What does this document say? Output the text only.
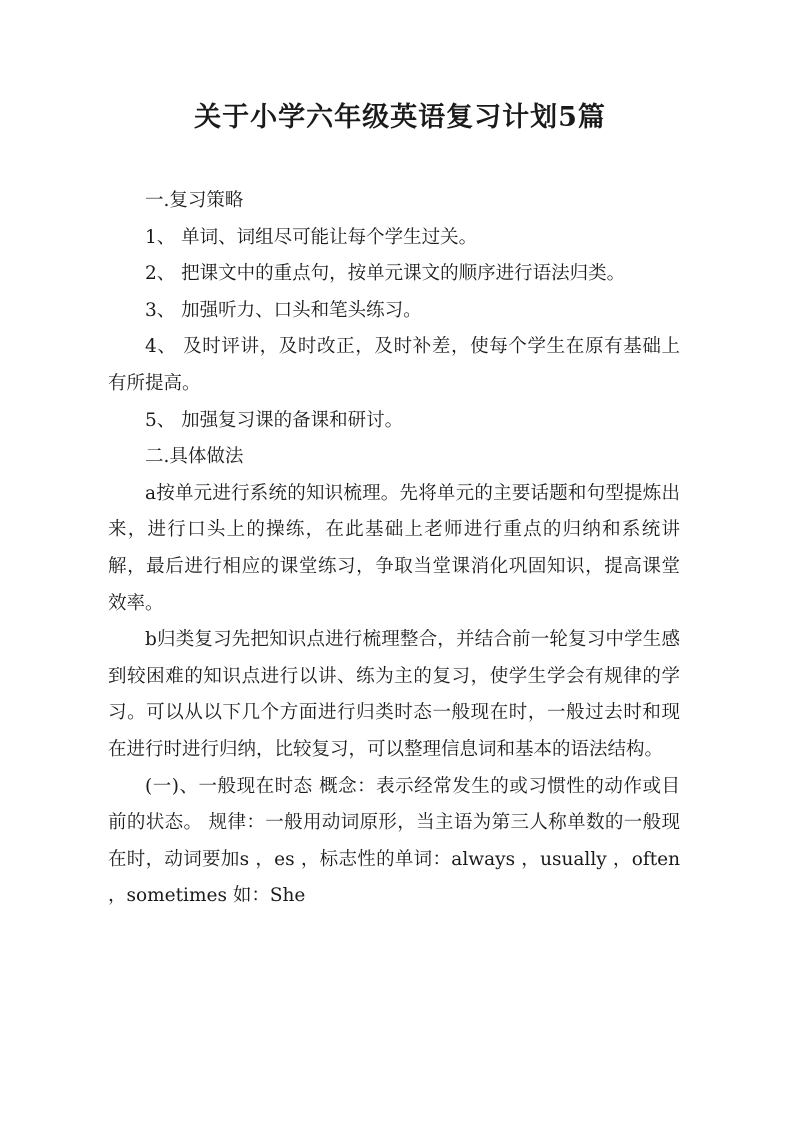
关于小学六年级英语复习计划5篇

一.复习策略

1、 单词、词组尽可能让每个学生过关。

2、 把课文中的重点句，按单元课文的顺序进行语法归类。

3、 加强听力、口头和笔头练习。

4、 及时评讲，及时改正，及时补差，使每个学生在原有基础上有所提高。

5、 加强复习课的备课和研讨。

二.具体做法

a按单元进行系统的知识梳理。先将单元的主要话题和句型提炼出来，进行口头上的操练，在此基础上老师进行重点的归纳和系统讲解，最后进行相应的课堂练习，争取当堂课消化巩固知识，提高课堂效率。

b归类复习先把知识点进行梳理整合，并结合前一轮复习中学生感到较困难的知识点进行以讲、练为主的复习，使学生学会有规律的学习。可以从以下几个方面进行归类时态一般现在时，一般过去时和现在进行时进行归纳，比较复习，可以整理信息词和基本的语法结构。

(一)、一般现在时态 概念：表示经常发生的或习惯性的动作或目前的状态。 规律：一般用动词原形，当主语为第三人称单数的一般现在时，动词要加s ，es ，标志性的单词：always ，usually ，often ，sometimes 如：She
